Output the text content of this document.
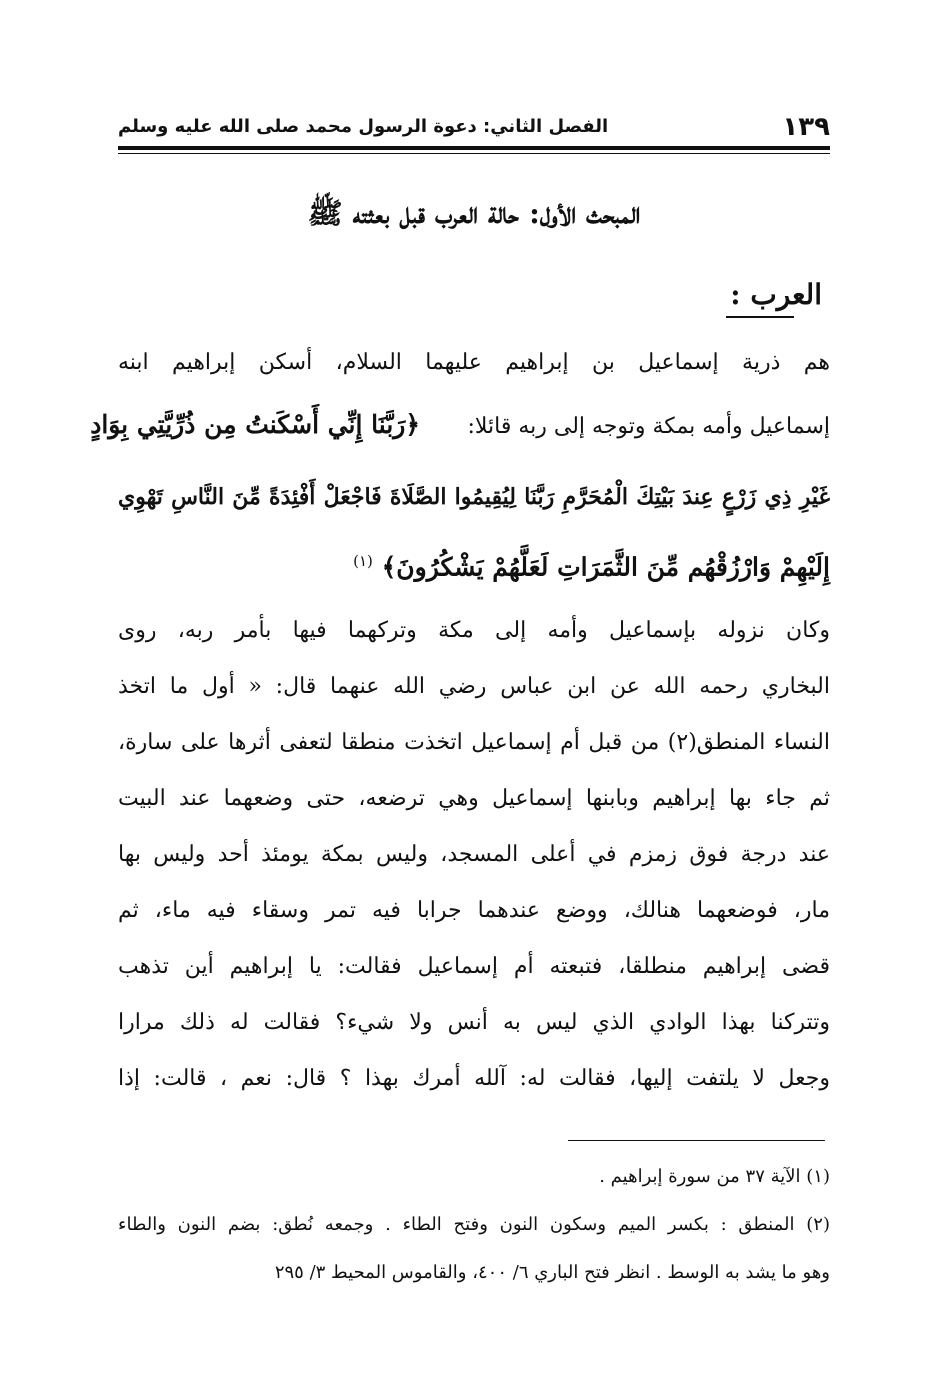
١٣٩
الفصل الثاني: دعوة الرسول محمد صلى الله عليه وسلم
المبحث الأول: حالة العرب قبل بعثته ﷺ
العرب :
هم ذرية إسماعيل بن إبراهيم عليهما السلام، أسكن إبراهيم ابنه
إسماعيل وأمه بمكة وتوجه إلى ربه قائلا:
﴿رَبَّنَا إِنِّي أَسْكَنتُ مِن ذُرِّيَّتِي بِوَادٍ
غَيْرِ ذِي زَرْعٍ عِندَ بَيْتِكَ الْمُحَرَّمِ رَبَّنَا لِيُقِيمُوا الصَّلَاةَ فَاجْعَلْ أَفْئِدَةً مِّنَ النَّاسِ تَهْوِي
إِلَيْهِمْ وَارْزُقْهُم مِّنَ الثَّمَرَاتِ لَعَلَّهُمْ يَشْكُرُونَ﴾ $^{(١)}$
وكان نزوله بإسماعيل وأمه إلى مكة وتركهما فيها بأمر ربه، روى
البخاري رحمه الله عن ابن عباس رضي الله عنهما قال: « أول ما اتخذ
النساء المنطق(٢) من قبل أم إسماعيل اتخذت منطقا لتعفى أثرها على سارة،
ثم جاء بها إبراهيم وبابنها إسماعيل وهي ترضعه، حتى وضعهما عند البيت
عند درجة فوق زمزم في أعلى المسجد، وليس بمكة يومئذ أحد وليس بها
مار، فوضعهما هنالك، ووضع عندهما جرابا فيه تمر وسقاء فيه ماء، ثم
قضى إبراهيم منطلقا، فتبعته أم إسماعيل فقالت: يا إبراهيم أين تذهب
وتتركنا بهذا الوادي الذي ليس به أنس ولا شيء؟ فقالت له ذلك مرارا
وجعل لا يلتفت إليها، فقالت له: آلله أمرك بهذا ؟ قال: نعم ، قالت: إذا
(١) الآية ٣٧ من سورة إبراهيم .
(٢) المنطق : بكسر الميم وسكون النون وفتح الطاء . وجمعه نُطق: بضم النون والطاء
وهو ما يشد به الوسط . انظر فتح الباري ٦/ ٤٠٠، والقاموس المحيط ٣/ ٢٩٥
